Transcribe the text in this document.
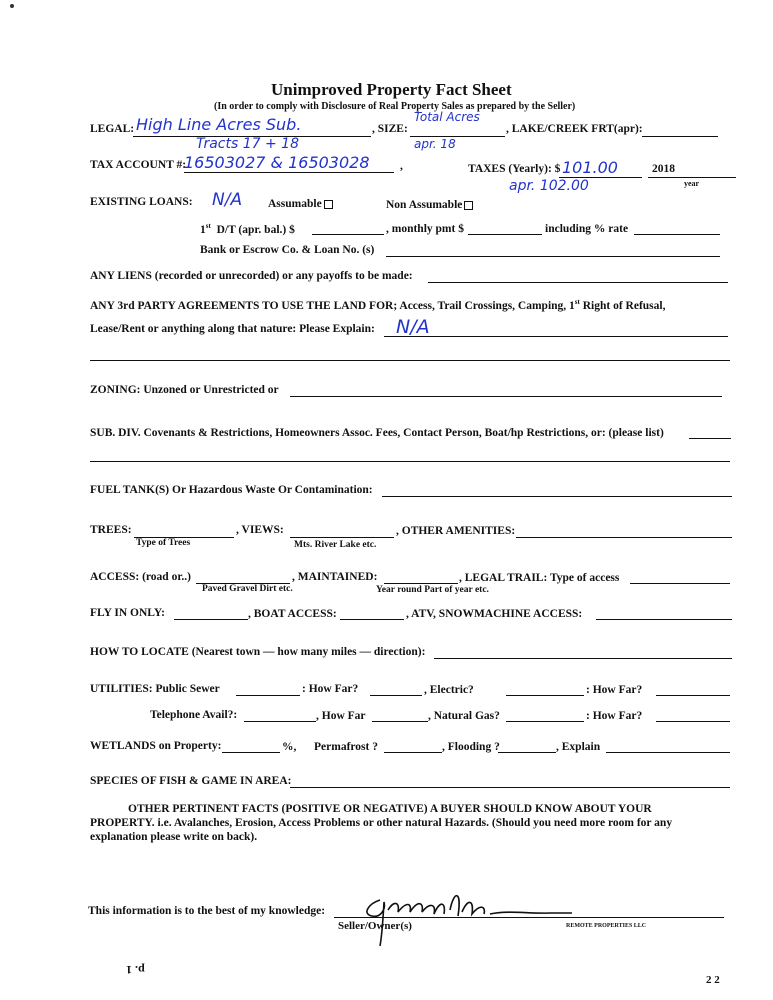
Unimproved Property Fact Sheet
(In order to comply with Disclosure of Real Property Sales as prepared by the Seller)
LEGAL: High Line Acres Sub.
Tracts 17 + 18
, SIZE:
Total Acres
apr. 18
, LAKE/CREEK FRT(apr):
TAX ACCOUNT #:
16503027 & 16503028	,	TAXES (Yearly): $ 101.00	2018
year
apr. 102.00
EXISTING LOANS: N/A Assumable	Non Assumable
1st D/T (apr. bal.) $	, monthly pmt $	including % rate
Bank or Escrow Co. & Loan No. (s)
ANY LIENS (recorded or unrecorded) or any payoffs to be made:
ANY 3rd PARTY AGREEMENTS TO USE THE LAND FOR; Access, Trail Crossings, Camping, 1st Right of Refusal,
Lease/Rent or anything along that nature: Please Explain: N/A
ZONING: Unzoned or Unrestricted or
SUB. DIV. Covenants & Restrictions, Homeowners Assoc. Fees, Contact Person, Boat/hp Restrictions, or: (please list)
FUEL TANK(S) Or Hazardous Waste Or Contamination:
TREES:
Type of Trees
, VIEWS:
Mts. River Lake etc.
, OTHER AMENITIES:
ACCESS: (road or..)
Paved Gravel Dirt etc.
, MAINTAINED:
Year round Part of year etc.
, LEGAL TRAIL: Type of access
FLY IN ONLY:	, BOAT ACCESS:	, ATV, SNOWMACHINE ACCESS:
HOW TO LOCATE (Nearest town — how many miles — direction):
UTILITIES: Public Sewer	: How Far?	, Electric?	: How Far?
Telephone Avail?:	, How Far	, Natural Gas?	: How Far?
WETLANDS on Property:	%, Permafrost ?	, Flooding ?	, Explain
SPECIES OF FISH & GAME IN AREA:
OTHER PERTINENT FACTS (POSITIVE OR NEGATIVE) A BUYER SHOULD KNOW ABOUT YOUR
PROPERTY. i.e. Avalanches, Erosion, Access Problems or other natural Hazards. (Should you need more room for any
explanation please write on back).
This information is to the best of my knowledge:
Seller/Owner(s)	REMOTE PROPERTIES LLC
p. 1
2 2
